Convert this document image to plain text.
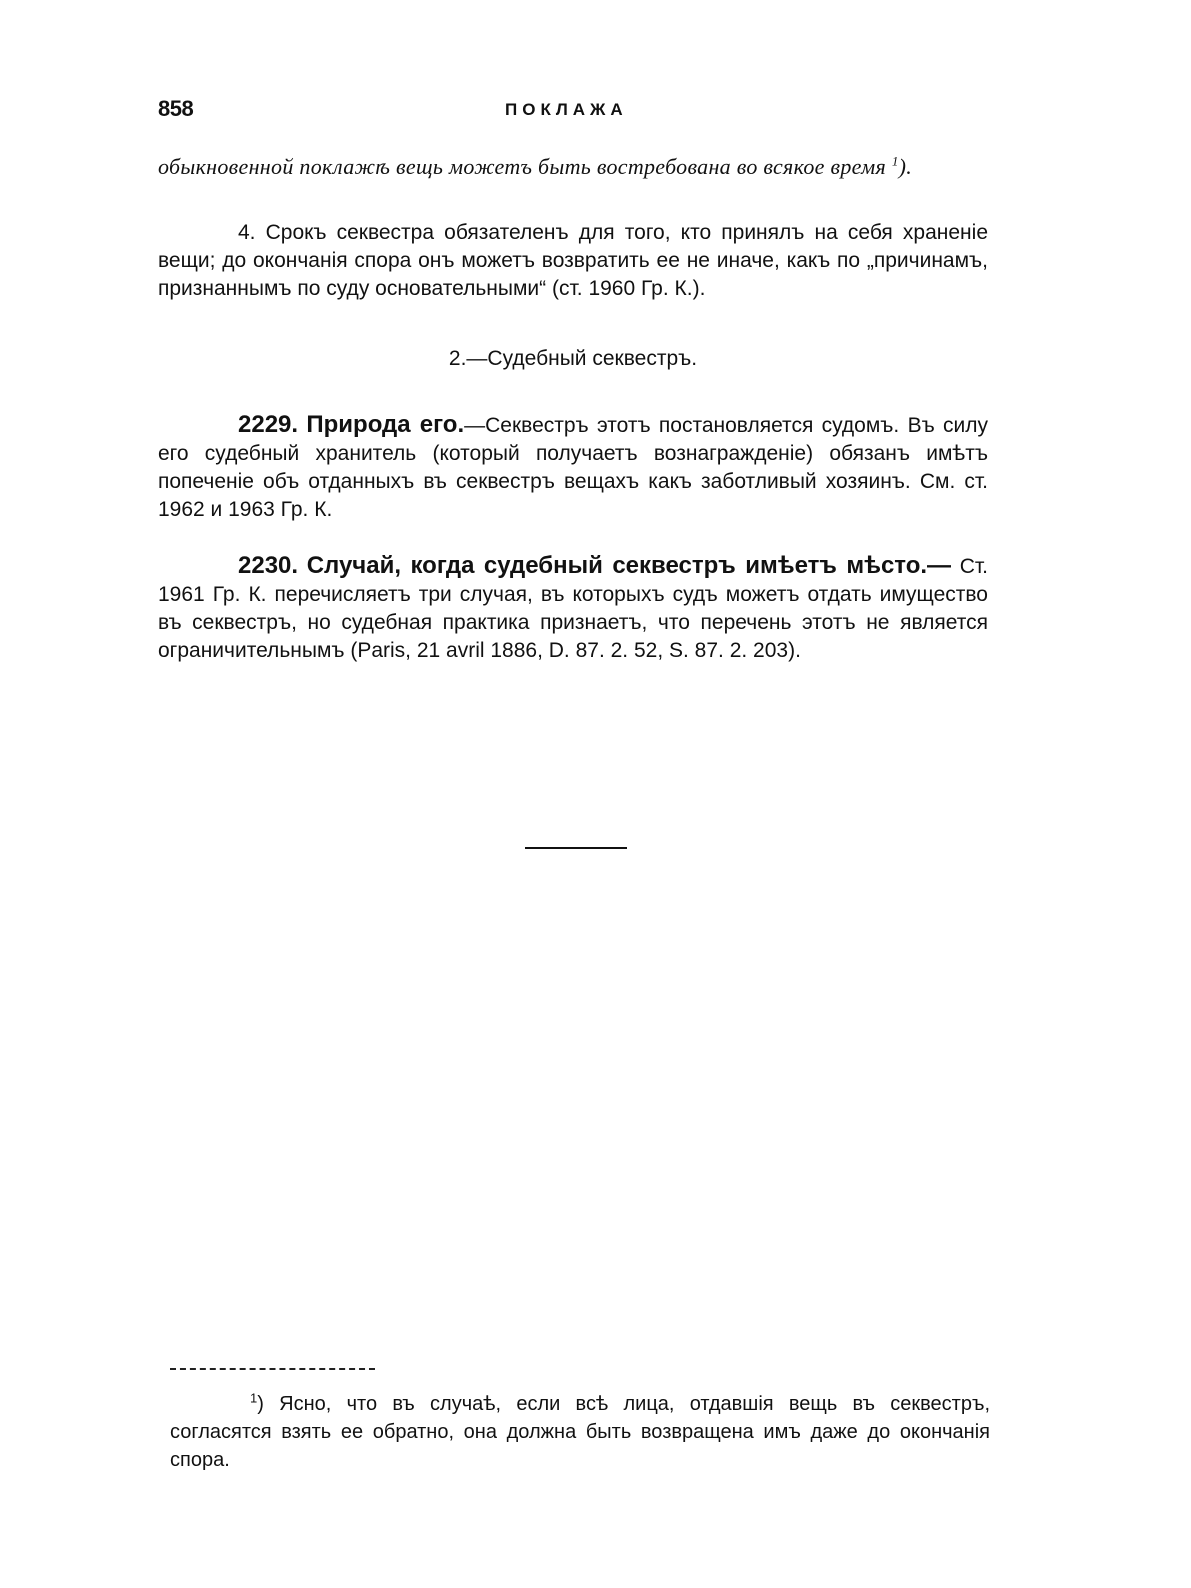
858	ПОКЛАЖА

обыкновенной поклажѣ вещь можетъ быть востребована во всякое время $^1$).

4. Срокъ секвестра обязателенъ для того, кто принялъ на себя храненіе вещи; до окончанія спора онъ можетъ возвратить ее не иначе, какъ по „причинамъ, признаннымъ по суду основательными“ (ст. 1960 Гр. К.).

2.—Судебный секвестръ.

2229. Природа его.—Секвестръ этотъ постановляется судомъ. Въ силу его судебный хранитель (который получаетъ вознагражденіе) обязанъ имѣтъ попеченіе объ отданныхъ въ секвестръ вещахъ какъ заботливый хозяинъ. См. ст. 1962 и 1963 Гр. К.

2230. Случай, когда судебный секвестръ имѣетъ мѣсто.— Ст. 1961 Гр. К. перечисляетъ три случая, въ которыхъ судъ можетъ отдать имущество въ секвестръ, но судебная практика признаетъ, что перечень этотъ не является ограничительнымъ (Paris, 21 avril 1886, D. 87. 2. 52, S. 87. 2. 203).

$^1$) Ясно, что въ случаѣ, если всѣ лица, отдавшія вещь въ секвестръ, согласятся взять ее обратно, она должна быть возвращена имъ даже до окончанія спора.
